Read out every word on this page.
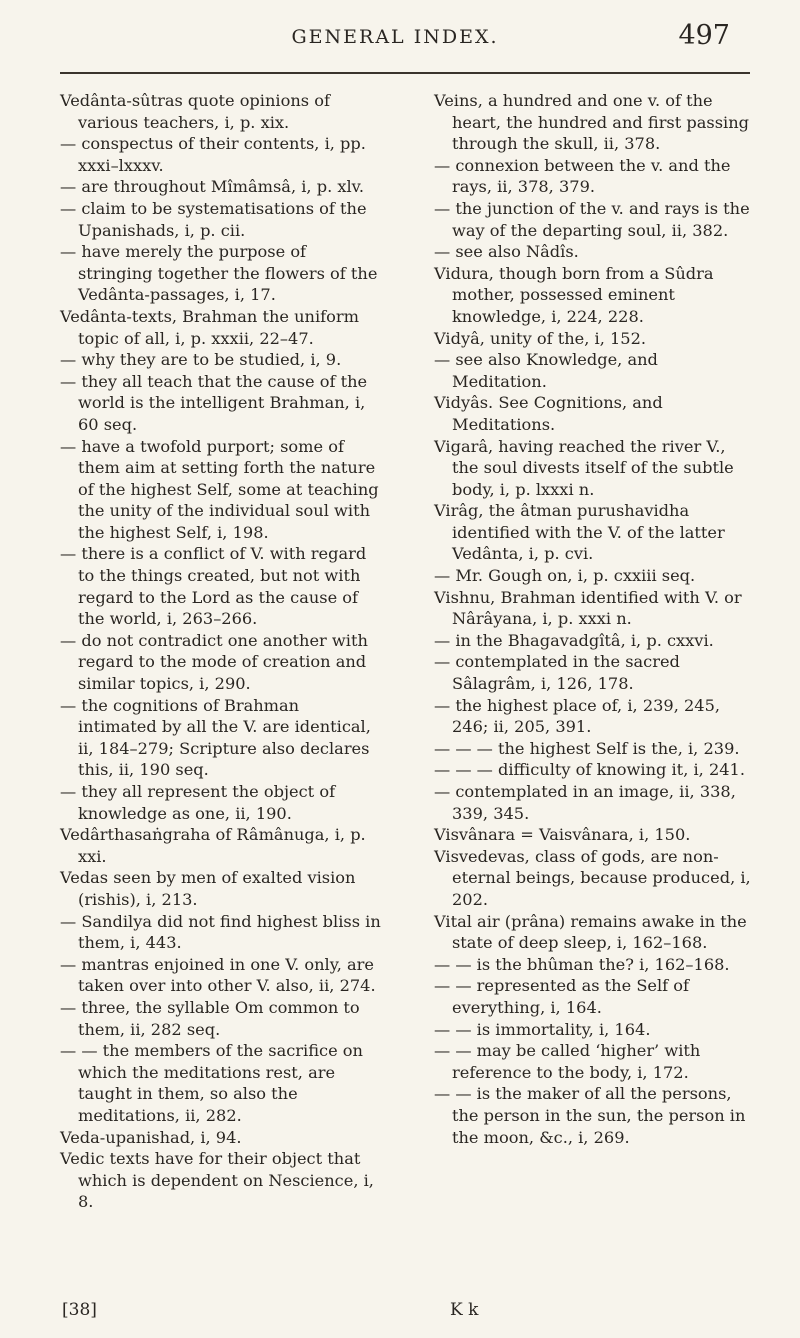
GENERAL INDEX.	497

Vedânta-sûtras quote opinions of various teachers, i, p. xix.

— conspectus of their contents, i, pp. xxxi–lxxxv.

— are throughout Mîmâmsâ, i, p. xlv.

— claim to be systematisations of the Upanishads, i, p. cii.

— have merely the purpose of stringing together the flowers of the Vedânta-passages, i, 17.

Vedânta-texts, Brahman the uniform topic of all, i, p. xxxii, 22–47.

— why they are to be studied, i, 9.

— they all teach that the cause of the world is the intelligent Brahman, i, 60 seq.

— have a twofold purport; some of them aim at setting forth the nature of the highest Self, some at teaching the unity of the individual soul with the highest Self, i, 198.

— there is a conflict of V. with regard to the things created, but not with regard to the Lord as the cause of the world, i, 263–266.

— do not contradict one another with regard to the mode of creation and similar topics, i, 290.

— the cognitions of Brahman intimated by all the V. are identical, ii, 184–279; Scripture also declares this, ii, 190 seq.

— they all represent the object of knowledge as one, ii, 190.

Vedârthasaṅgraha of Râmânuga, i, p. xxi.

Vedas seen by men of exalted vision (rishis), i, 213.

— Sandilya did not find highest bliss in them, i, 443.

— mantras enjoined in one V. only, are taken over into other V. also, ii, 274.

— three, the syllable Om common to them, ii, 282 seq.

— — the members of the sacrifice on which the meditations rest, are taught in them, so also the meditations, ii, 282.

Veda-upanishad, i, 94.

Vedic texts have for their object that which is dependent on Nescience, i, 8.

Veins, a hundred and one v. of the heart, the hundred and first passing through the skull, ii, 378.

— connexion between the v. and the rays, ii, 378, 379.

— the junction of the v. and rays is the way of the departing soul, ii, 382.

— see also Nâdîs.

Vidura, though born from a Sûdra mother, possessed eminent knowledge, i, 224, 228.

Vidyâ, unity of the, i, 152.

— see also Knowledge, and Meditation.

Vidyâs. See Cognitions, and Meditations.

Vigarâ, having reached the river V., the soul divests itself of the subtle body, i, p. lxxxi n.

Virâg, the âtman purushavidha identified with the V. of the latter Vedânta, i, p. cvi.

— Mr. Gough on, i, p. cxxiii seq.

Vishnu, Brahman identified with V. or Nârâyana, i, p. xxxi n.

— in the Bhagavadgîtâ, i, p. cxxvi.

— contemplated in the sacred Sâlagrâm, i, 126, 178.

— the highest place of, i, 239, 245, 246; ii, 205, 391.

— — — the highest Self is the, i, 239.

— — — difficulty of knowing it, i, 241.

— contemplated in an image, ii, 338, 339, 345.

Visvânara = Vaisvânara, i, 150.

Visvedevas, class of gods, are non-eternal beings, because produced, i, 202.

Vital air (prâna) remains awake in the state of deep sleep, i, 162–168.

— — is the bhûman the? i, 162–168.

— — represented as the Self of everything, i, 164.

— — is immortality, i, 164.

— — may be called ‘higher’ with reference to the body, i, 172.

— — is the maker of all the persons, the person in the sun, the person in the moon, &c., i, 269.

[38]	K k
